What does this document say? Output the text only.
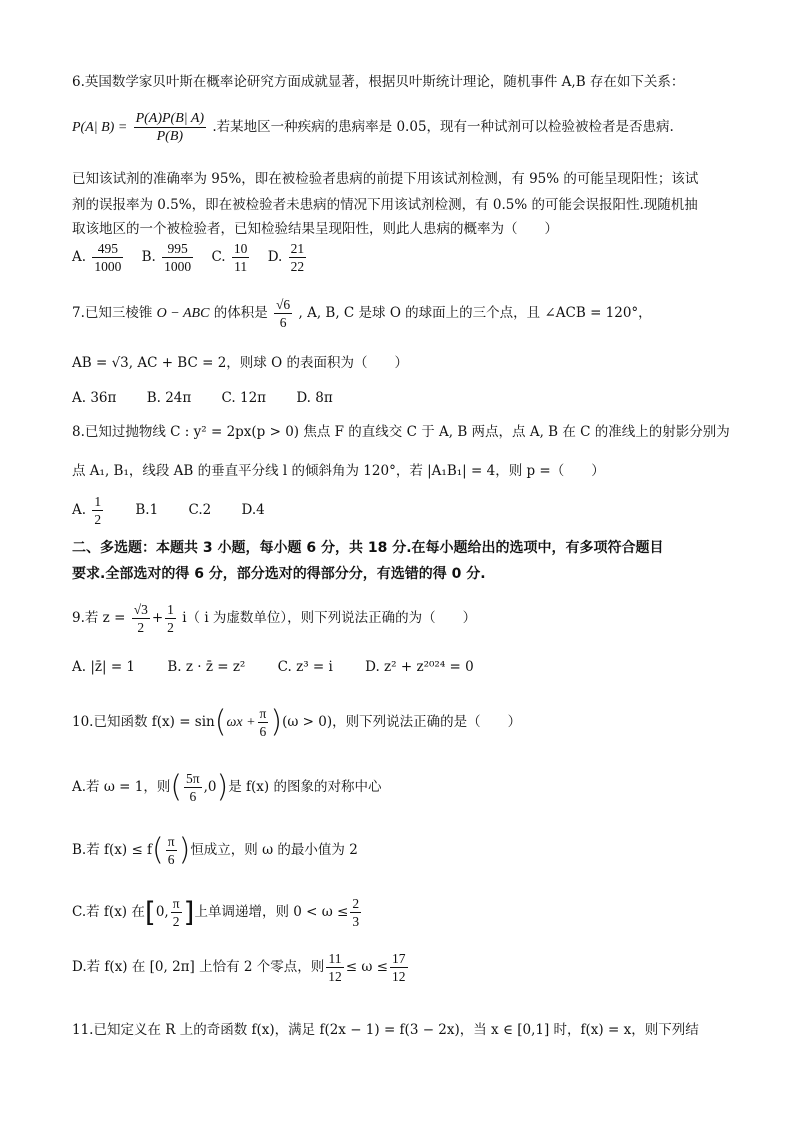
6.英国数学家贝叶斯在概率论研究方面成就显著，根据贝叶斯统计理论，随机事件 A,B 存在如下关系：
P(A| $B) = \frac{P(A)P(B| A)}{P(B)}$ .若某地区一种疾病的患病率是 0.05，现有一种试剂可以检验被检者是否患病.
已知该试剂的准确率为 95%，即在被检验者患病的前提下用该试剂检测，有 95% 的可能呈现阳性；该试
剂的误报率为 0.5%，即在被检验者未患病的情况下用该试剂检测，有 0.5% 的可能会误报阳性.现随机抽
取该地区的一个被检验者，已知检验结果呈现阳性，则此人患病的概率为（　　）
A. $\frac{495}{1000} B$. $\frac{995}{1000} C$. $\frac{10}{11} D$. $\frac{21}{22}$
7.已知三棱锥 O − ABC 的体积是 $\frac{√6}{6}$ , A, B, C 是球 O 的球面上的三个点，且 ∠ACB = 120°，
AB = √3, AC + BC = 2，则球 O 的表面积为（　　）
A. 36π B. 24π C. 12π D. 8π
8.已知过抛物线 C : y² = 2px(p > 0) 焦点 F 的直线交 C 于 A, B 两点，点 A, B 在 C 的准线上的射影分别为
点 A₁, B₁，线段 AB 的垂直平分线 l 的倾斜角为 120°，若 |A₁B₁| = 4，则 p =（　　）
A. $\frac{1}{2} B.1$ C.2 D.4
二、多选题：本题共 3 小题，每小题 6 分，共 18 分.在每小题给出的选项中，有多项符合题目
要求.全部选对的得 6 分，部分选对的得部分分，有选错的得 0 分.
9.若 $z = \frac{√3}{2} + \frac{1}{2} i$（ i 为虚数单位），则下列说法正确的为（　　）
A. |z̄| = 1 B. z · z̄ = z² C. z³ = i D. z² + z²⁰²⁴ = 0
10.已知函数 $f(x) = \sin(\omega x + \frac{\pi}{6} )(\omega > 0)$，则下列说法正确的是（　　）
A.若 ω = 1，则( $\frac{5\pi}{6} ,0$)是 f(x) 的图象的对称中心
B.若 $f(x) \le f( \frac{\pi}{6}$ )恒成立，则 ω 的最小值为 2
C.若 f(x) 在[0, $\frac{\pi}{2}$ ]上单调递增，则 $0 < \omega \le \frac{2}{3}$
D.若 f(x) 在 [0, 2π] 上恰有 2 个零点，则 $\frac{11}{12} \le \omega \le \frac{17}{12}$
11.已知定义在 R 上的奇函数 f(x)，满足 f(2x − 1) = f(3 − 2x)，当 x ∈ [0,1] 时，f(x) = x，则下列结
